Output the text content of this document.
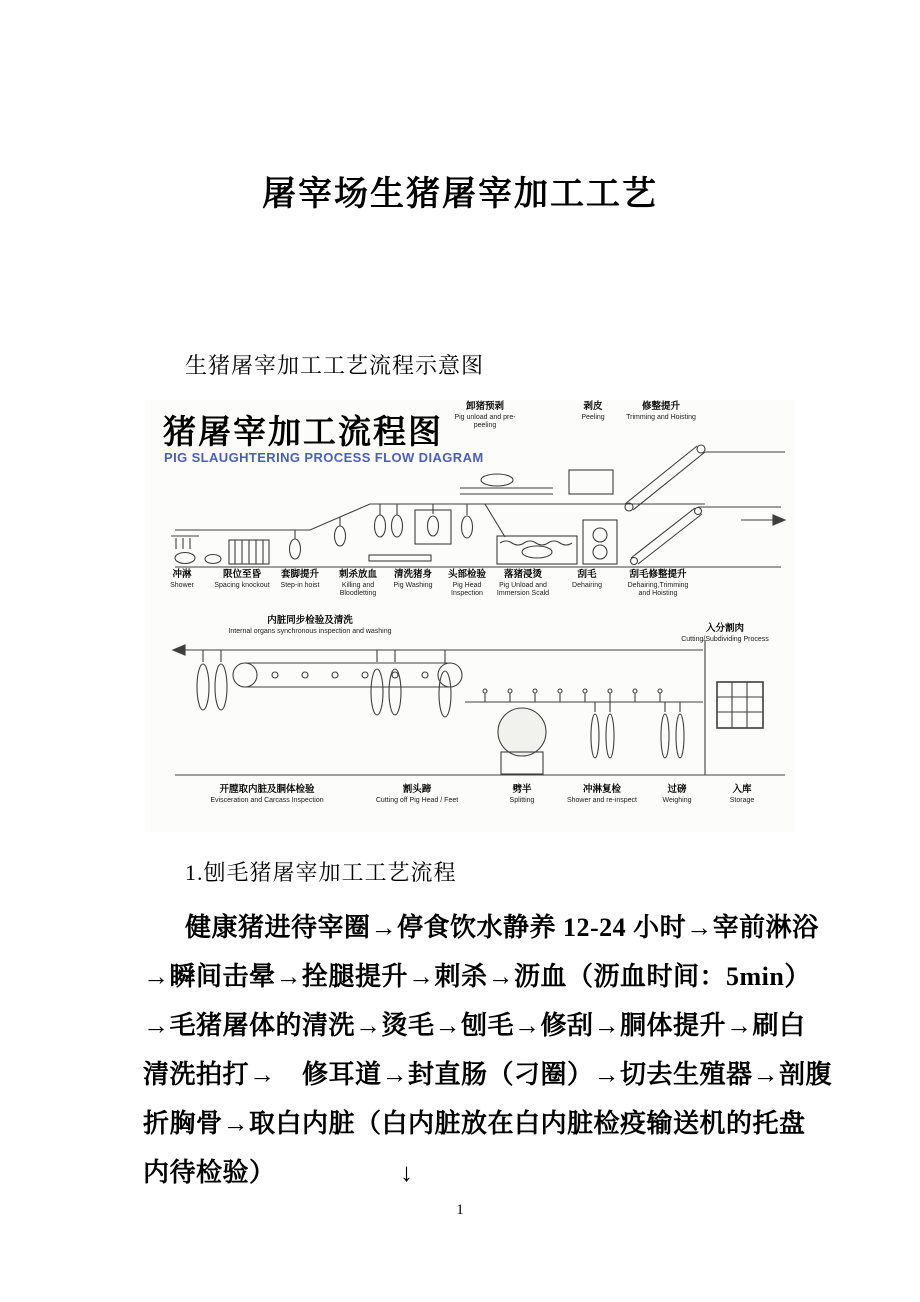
屠宰场生猪屠宰加工工艺

生猪屠宰加工工艺流程示意图

猪屠宰加工流程图
PIG SLAUGHTERING PROCESS FLOW DIAGRAM
卸猪预剥
Pig unload and pre-peeling
剥皮
Peeling
修整提升
Trimming and Hoisting
冲淋
Shower
限位至昏
Spacing knockout
套脚提升
Step-in hoist
刺杀放血
Killing and Bloodletting
清洗猪身
Pig Washing
头部检验
Pig Head Inspection
落猪浸烫
Pig Unload and Immersion Scald
刮毛
Dehairing
刮毛修整提升
Dehairing,Trimming and Hoisting
内脏同步检验及清洗
Internal organs synchronous inspection and washing	入分割肉
Cutting/Subdividing Process
开膛取内脏及胴体检验
Evisceration and Carcass Inspection
割头蹄
Cutting off Pig Head / Feet
劈半
Splitting
冲淋复检
Shower and re-inspect
过磅
Weighing
入库
Storage

1.刨毛猪屠宰加工工艺流程

健康猪进待宰圈→停食饮水静养 12-24 小时→宰前淋浴

→瞬间击晕→拴腿提升→刺杀→沥血（沥血时间：5min）

→毛猪屠体的清洗→烫毛→刨毛→修刮→胴体提升→刷白

清洗拍打→　修耳道→封直肠（刁圈）→切去生殖器→剖腹

折胸骨→取白内脏（白内脏放在白内脏检疫输送机的托盘

内待检验）	↓

1
